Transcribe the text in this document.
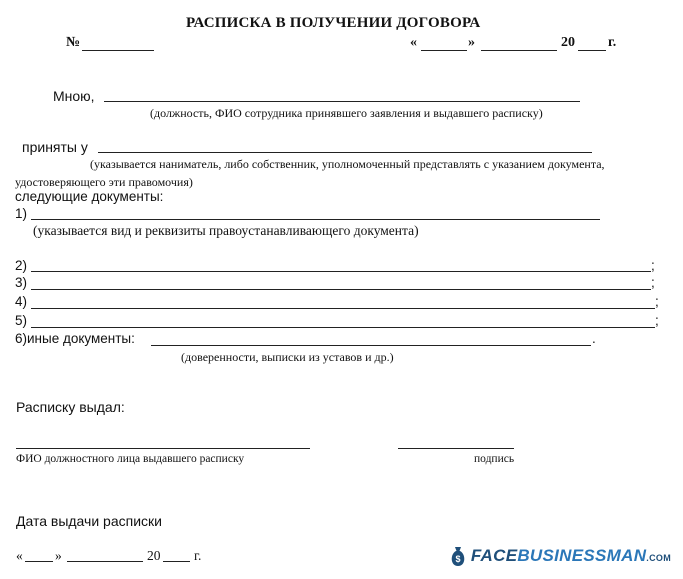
РАСПИСКА В ПОЛУЧЕНИИ ДОГОВОРА
№	«	»	20 г.
Мною,
(должность, ФИО сотрудника принявшего заявления и выдавшего расписку)
приняты у
(указывается наниматель, либо собственник, уполномоченный представлять с указанием документа,
удостоверяющего эти правомочия)
следующие документы:
1)
(указывается вид и реквизиты правоустанавливающего документа)
2)	;
3)	;
4)	;
5)	;
6)иные документы:	.
(доверенности, выписки из уставов и др.)
Расписку выдал:
ФИО должностного лица выдавшего расписку	подпись
Дата выдачи расписки
« »	20 г.	$ FACEBUSINESSMAN.COM
